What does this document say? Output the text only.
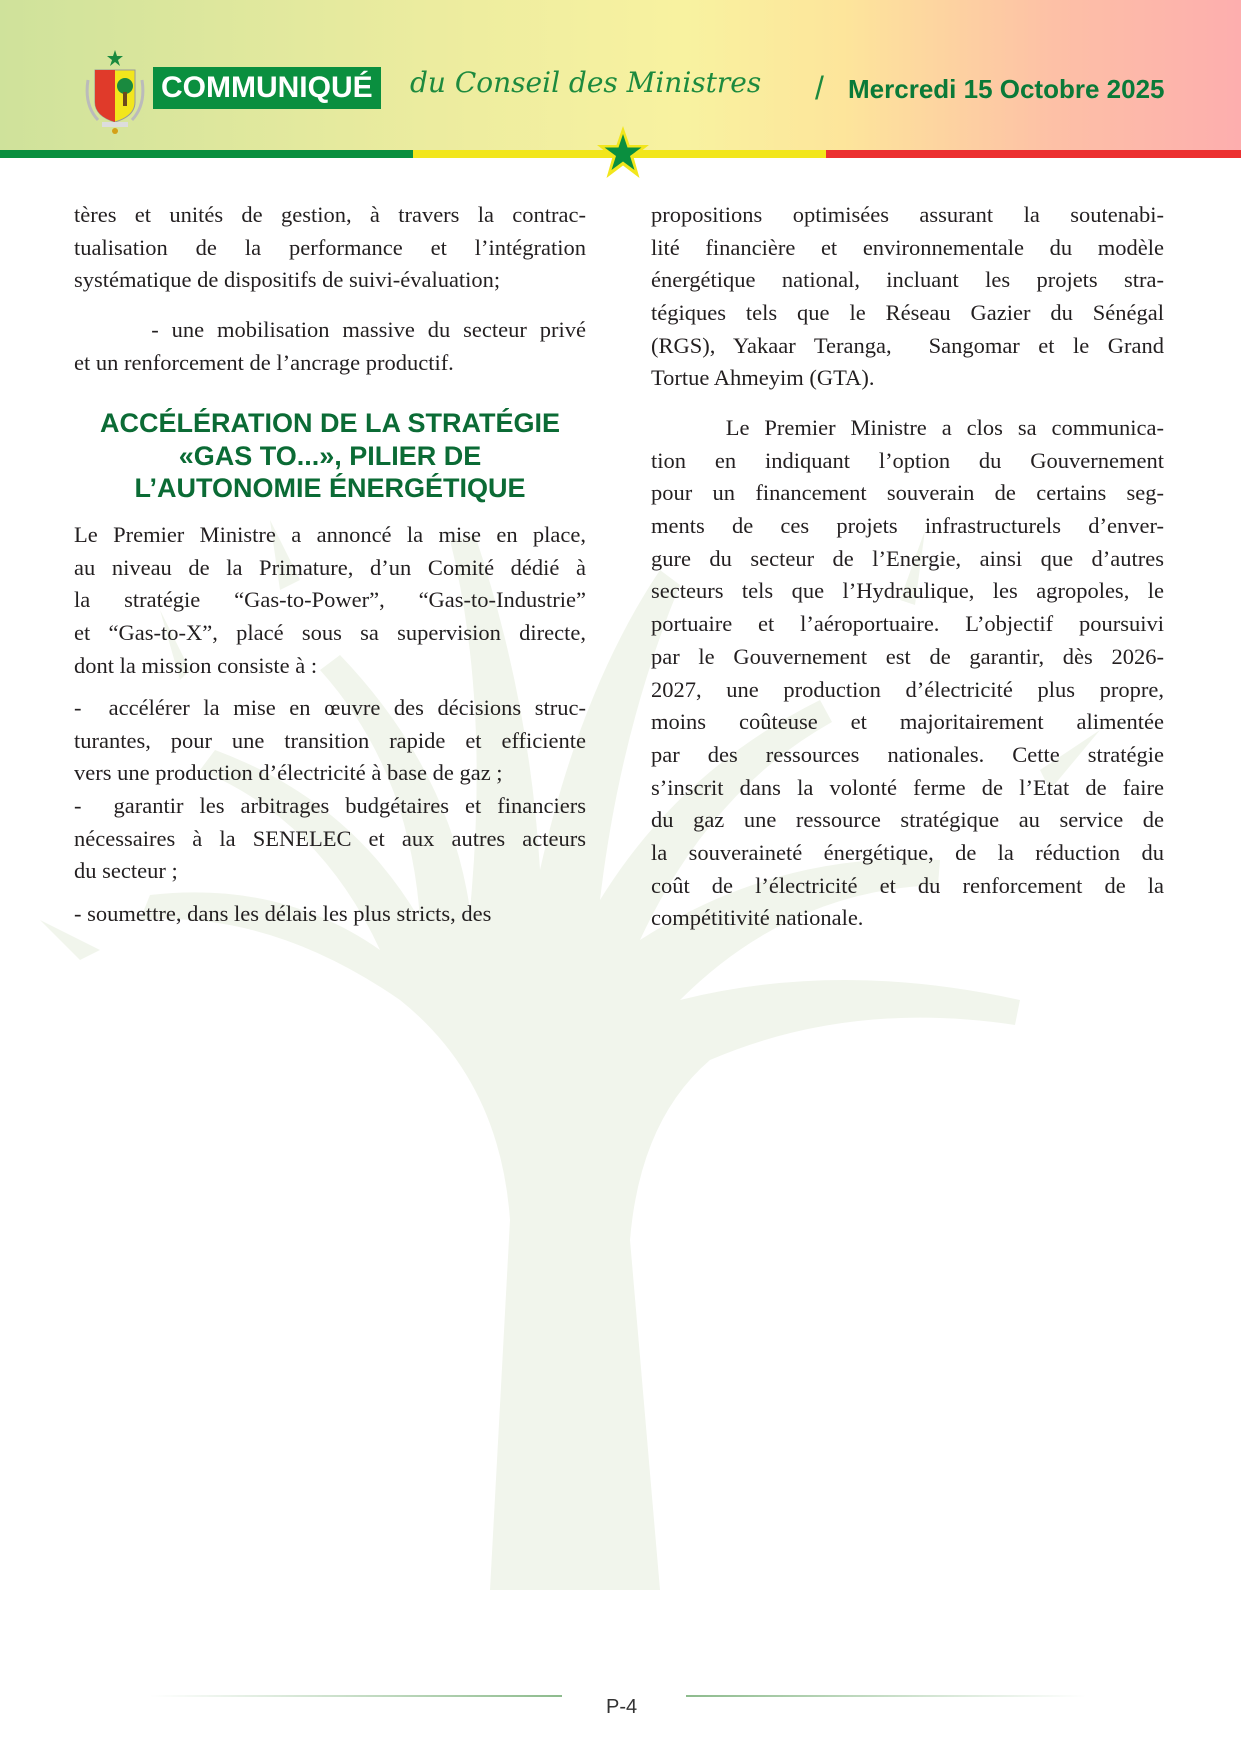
COMMUNIQUÉ du Conseil des Ministres	/ Mercredi 15 Octobre 2025
tères et unités de gestion, à travers la contrac-
tualisation de la performance et l’intégration
systématique de dispositifs de suivi-évaluation;
- une mobilisation massive du secteur privé
et un renforcement de l’ancrage productif.
ACCÉLÉRATION DE LA STRATÉGIE
«GAS TO...», PILIER DE
L’AUTONOMIE ÉNERGÉTIQUE
Le Premier Ministre a annoncé la mise en place,
au niveau de la Primature, d’un Comité dédié à
la stratégie “Gas-to-Power”, “Gas-to-Industrie”
et “Gas-to-X”, placé sous sa supervision directe,
dont la mission consiste à :
-  accélérer la mise en œuvre des décisions struc-
turantes, pour une transition rapide et efficiente
vers une production d’électricité à base de gaz ;
-  garantir les arbitrages budgétaires et financiers
nécessaires à la SENELEC et aux autres acteurs
du secteur ;
- soumettre, dans les délais les plus stricts, des
propositions optimisées assurant la soutenabi-
lité financière et environnementale du modèle
énergétique national, incluant les projets stra-
tégiques tels que le Réseau Gazier du Sénégal
(RGS), Yakaar Teranga,  Sangomar et le Grand
Tortue Ahmeyim (GTA).
Le Premier Ministre a clos sa communica-
tion en indiquant l’option du Gouvernement
pour un financement souverain de certains seg-
ments de ces projets infrastructurels d’enver-
gure du secteur de l’Energie, ainsi que d’autres
secteurs tels que l’Hydraulique, les agropoles, le
portuaire et l’aéroportuaire. L’objectif poursuivi
par le Gouvernement est de garantir, dès 2026-
2027, une production d’électricité plus propre,
moins coûteuse et majoritairement alimentée
par des ressources nationales. Cette stratégie
s’inscrit dans la volonté ferme de l’Etat de faire
du gaz une ressource stratégique au service de
la souveraineté énergétique, de la réduction du
coût de l’électricité et du renforcement de la
compétitivité nationale.
P-4
